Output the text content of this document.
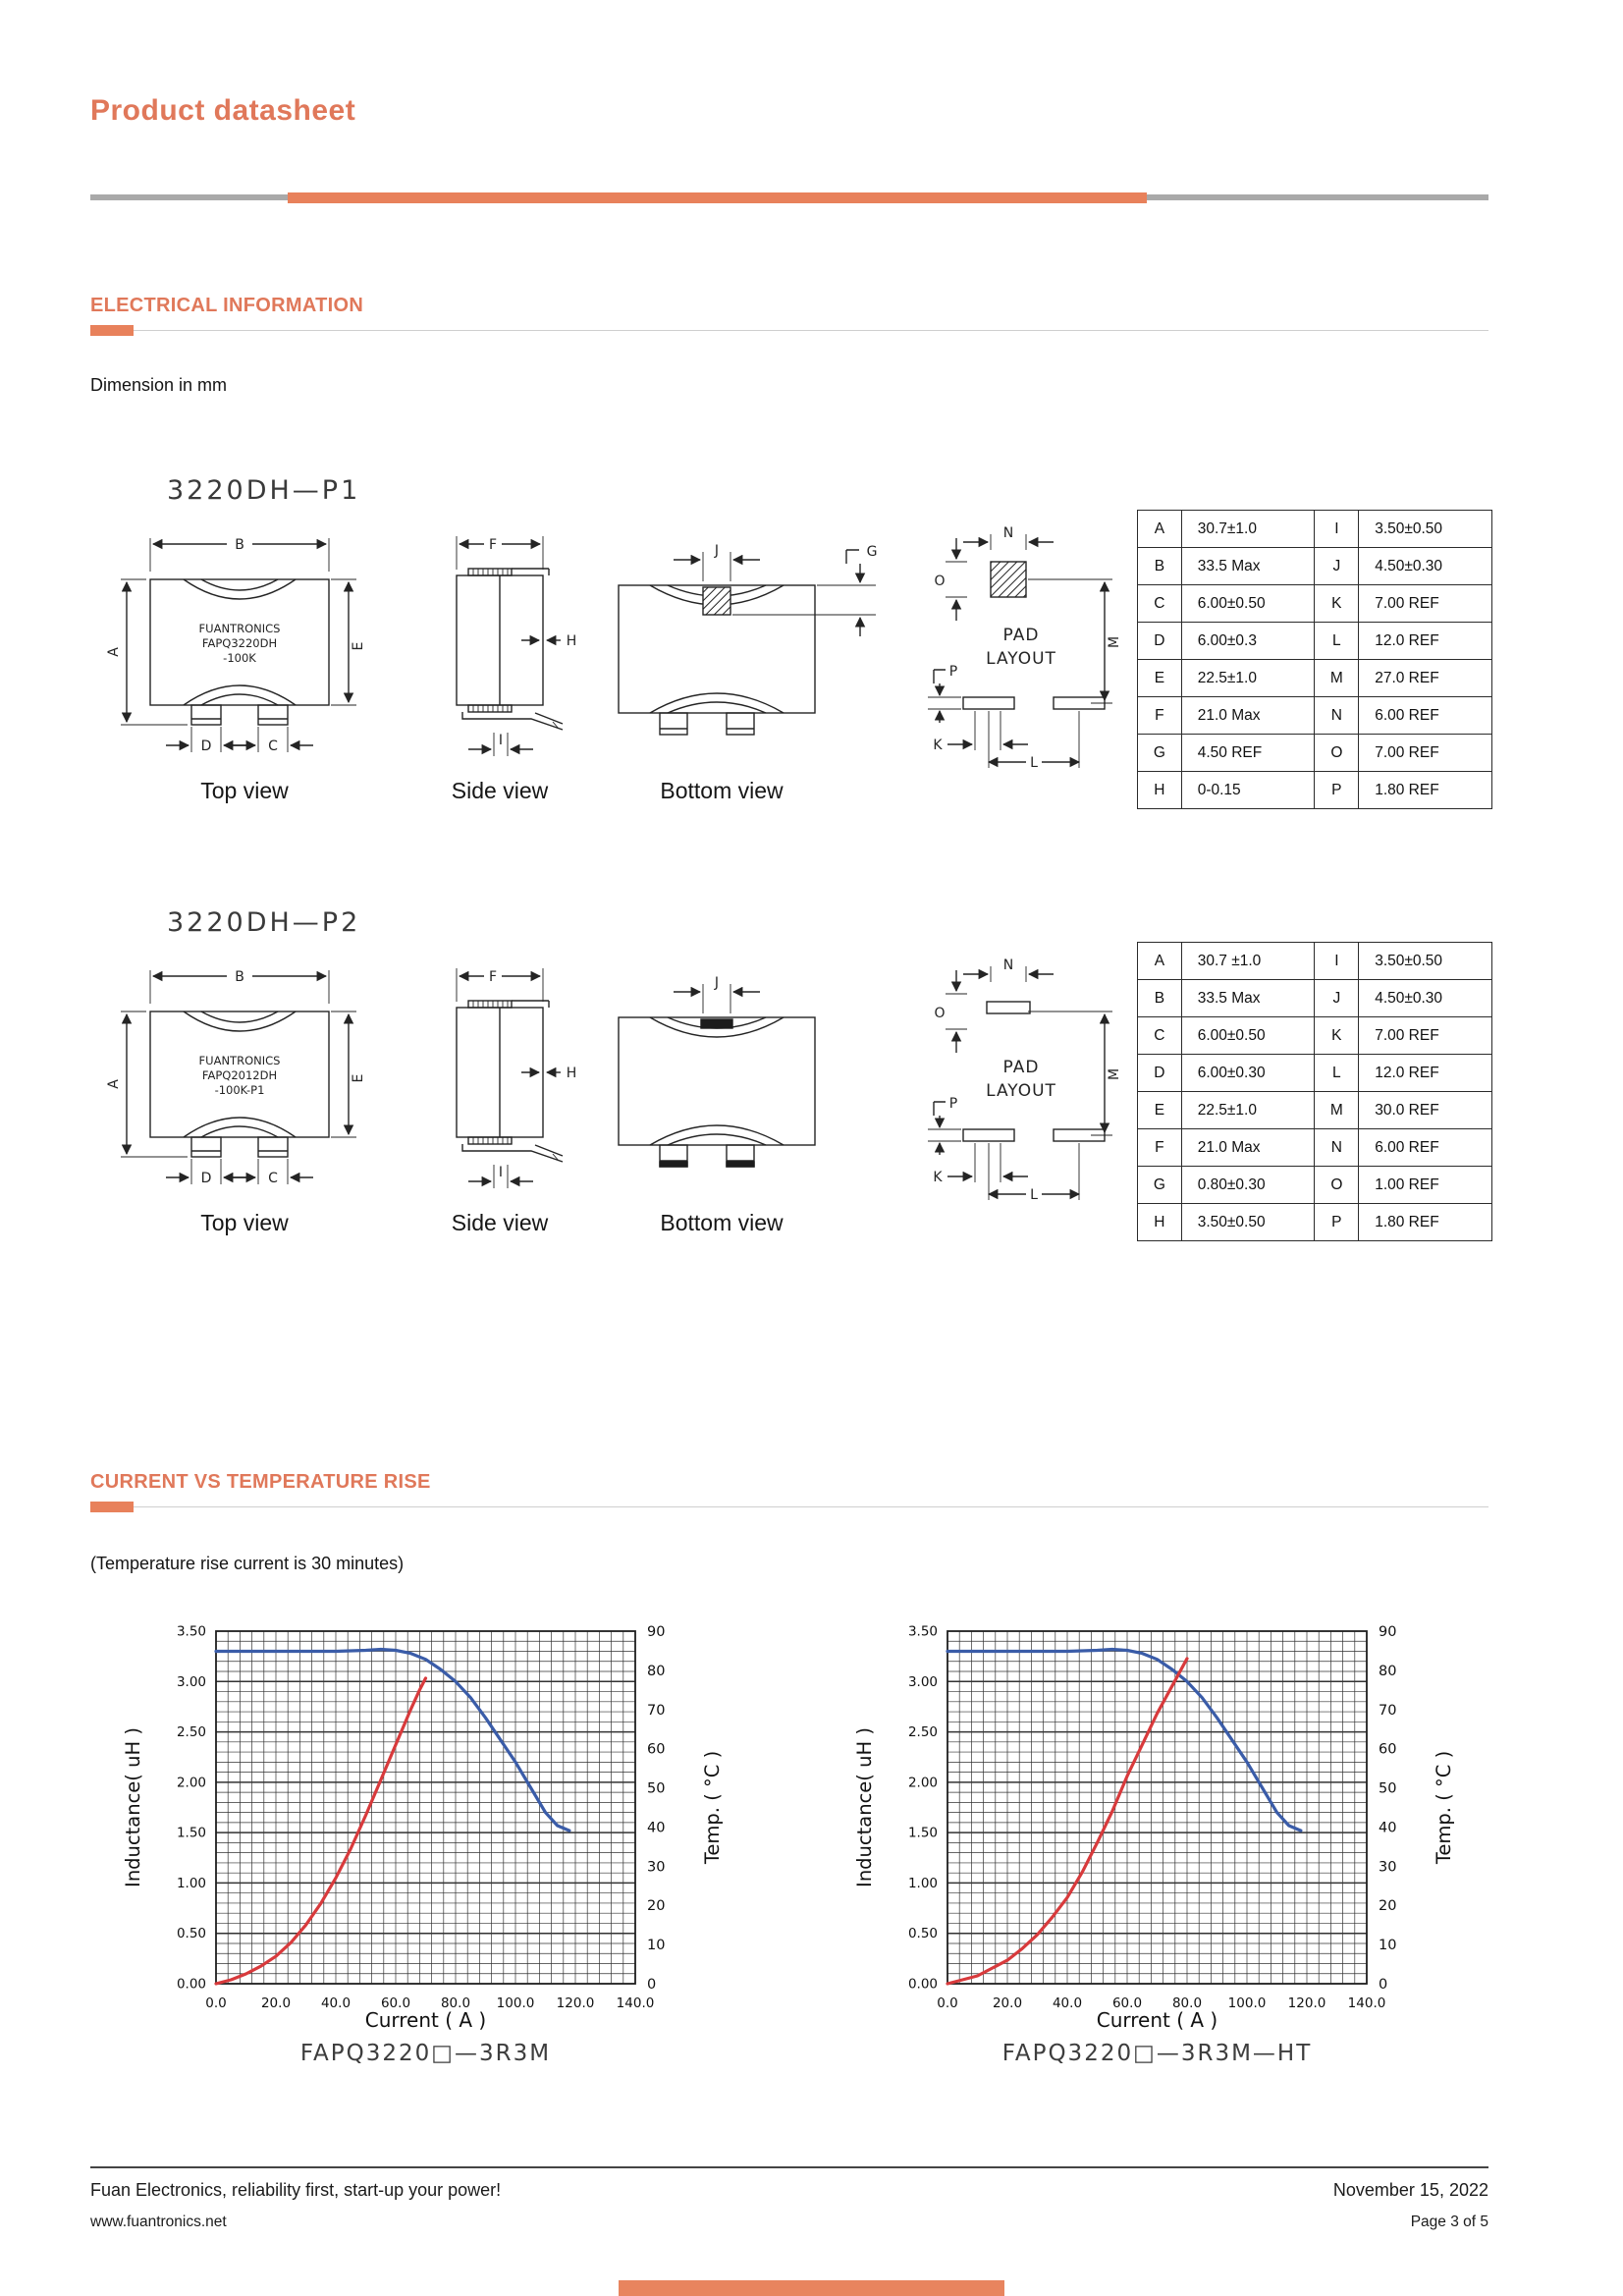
Product datasheet
ELECTRICAL INFORMATION
Dimension in mm
3220DH—P1
B
FUANTRONICS
FAPQ3220DH
-100K
A
E
D	C
F
H
I
J	G
N
O
PAD
LAYOUT
M
P
K
L
Top view	Side view	Bottom view
A	30.7±1.0	I	3.50±0.50
B	33.5 Max	J	4.50±0.30
C	6.00±0.50	K	7.00 REF
D	6.00±0.3	L	12.0 REF
E	22.5±1.0	M	27.0 REF
F	21.0 Max	N	6.00 REF
G	4.50 REF	O	7.00 REF
H	0-0.15	P	1.80 REF
3220DH—P2
B
FUANTRONICS
FAPQ2012DH
-100K-P1
A
E
D	C
F
H
I
J	G
N
O
PAD
LAYOUT
M
P
K
L
Top view	Side view	Bottom view
A	30.7 ±1.0	I	3.50±0.50
B	33.5 Max	J	4.50±0.30
C	6.00±0.50	K	7.00 REF
D	6.00±0.30	L	12.0 REF
E	22.5±1.0	M	30.0 REF
F	21.0 Max	N	6.00 REF
G	0.80±0.30	O	1.00 REF
H	3.50±0.50	P	1.80 REF
CURRENT VS TEMPERATURE RISE
(Temperature rise current is 30 minutes)
0.00
0.50
1.00
1.50
2.00
2.50
3.00
3.50
0
10
20
30
40
50
60
70
80
90
0.0	20.0 40.0 60.0 80.0 100.0 120.0 140.0
Inductance( uH )	Temp. ( °C )
Current ( A )
FAPQ3220□—3R3M
0.00
0.50
1.00
1.50
2.00
2.50
3.00
3.50
0
10
20
30
40
50
60
70
80
90
0.0	20.0 40.0 60.0 80.0 100.0 120.0 140.0
Inductance( uH )	Temp. ( °C )
Current ( A )
FAPQ3220□—3R3M—HT
Fuan Electronics, reliability first, start-up your power!
www.fuantronics.net
November 15, 2022
Page 3 of 5
